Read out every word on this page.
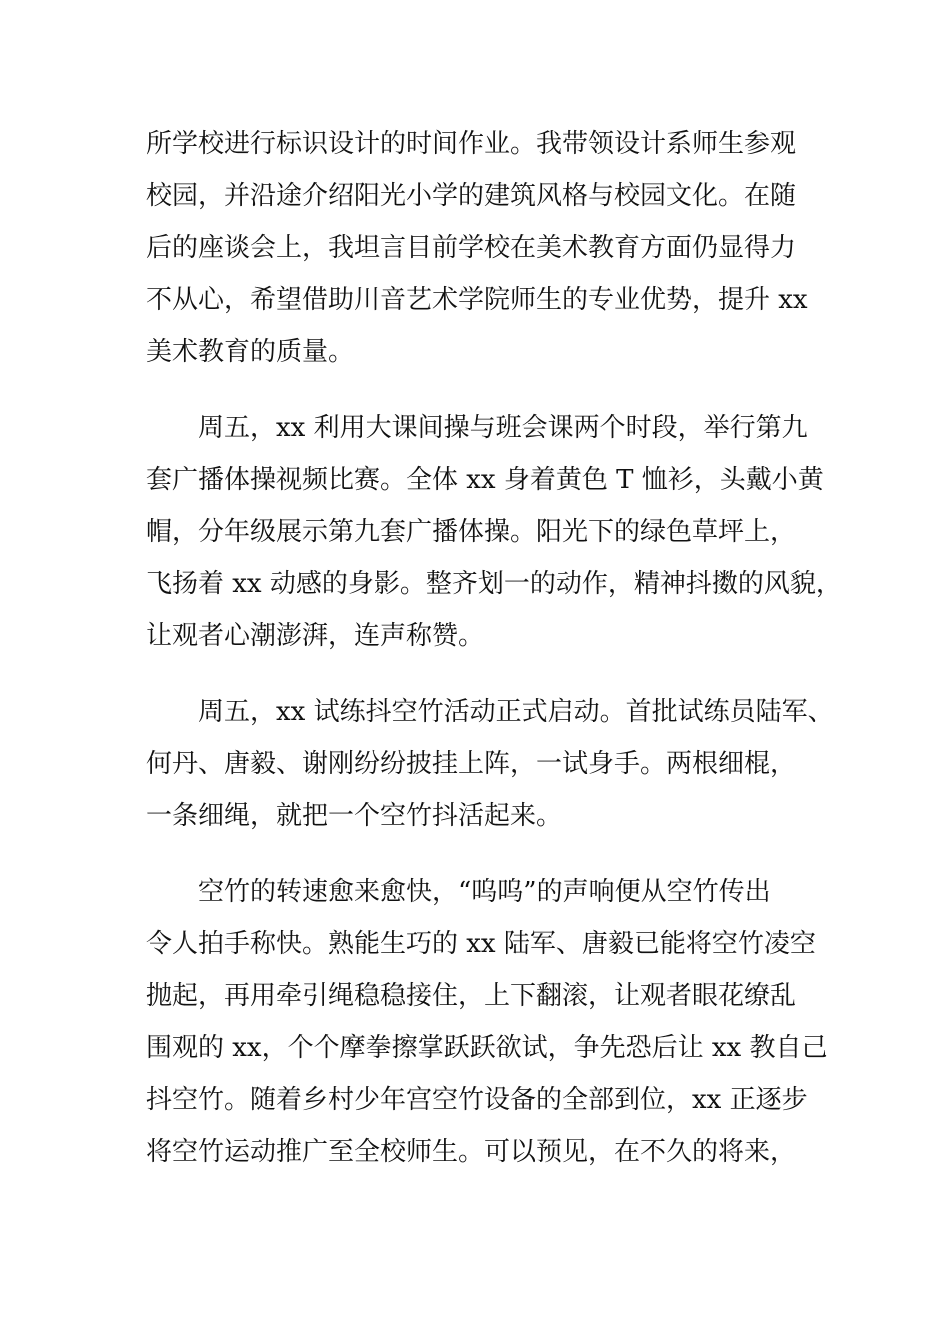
所学校进行标识设计的时间作业。我带领设计系师生参观
校园，并沿途介绍阳光小学的建筑风格与校园文化。在随
后的座谈会上，我坦言目前学校在美术教育方面仍显得力
不从心，希望借助川音艺术学院师生的专业优势，提升 xx
美术教育的质量。
周五，xx 利用大课间操与班会课两个时段，举行第九
套广播体操视频比赛。全体 xx 身着黄色 T 恤衫，头戴小黄
帽，分年级展示第九套广播体操。阳光下的绿色草坪上，
飞扬着 xx 动感的身影。整齐划一的动作，精神抖擞的风貌，
让观者心潮澎湃，连声称赞。
周五，xx 试练抖空竹活动正式启动。首批试练员陆军、
何丹、唐毅、谢刚纷纷披挂上阵，一试身手。两根细棍，
一条细绳，就把一个空竹抖活起来。
空竹的转速愈来愈快，“呜呜”的声响便从空竹传出
令人拍手称快。熟能生巧的 xx 陆军、唐毅已能将空竹凌空
抛起，再用牵引绳稳稳接住，上下翻滚，让观者眼花缭乱
围观的 xx，个个摩拳擦掌跃跃欲试，争先恐后让 xx 教自己
抖空竹。随着乡村少年宫空竹设备的全部到位，xx 正逐步
将空竹运动推广至全校师生。可以预见，在不久的将来，
